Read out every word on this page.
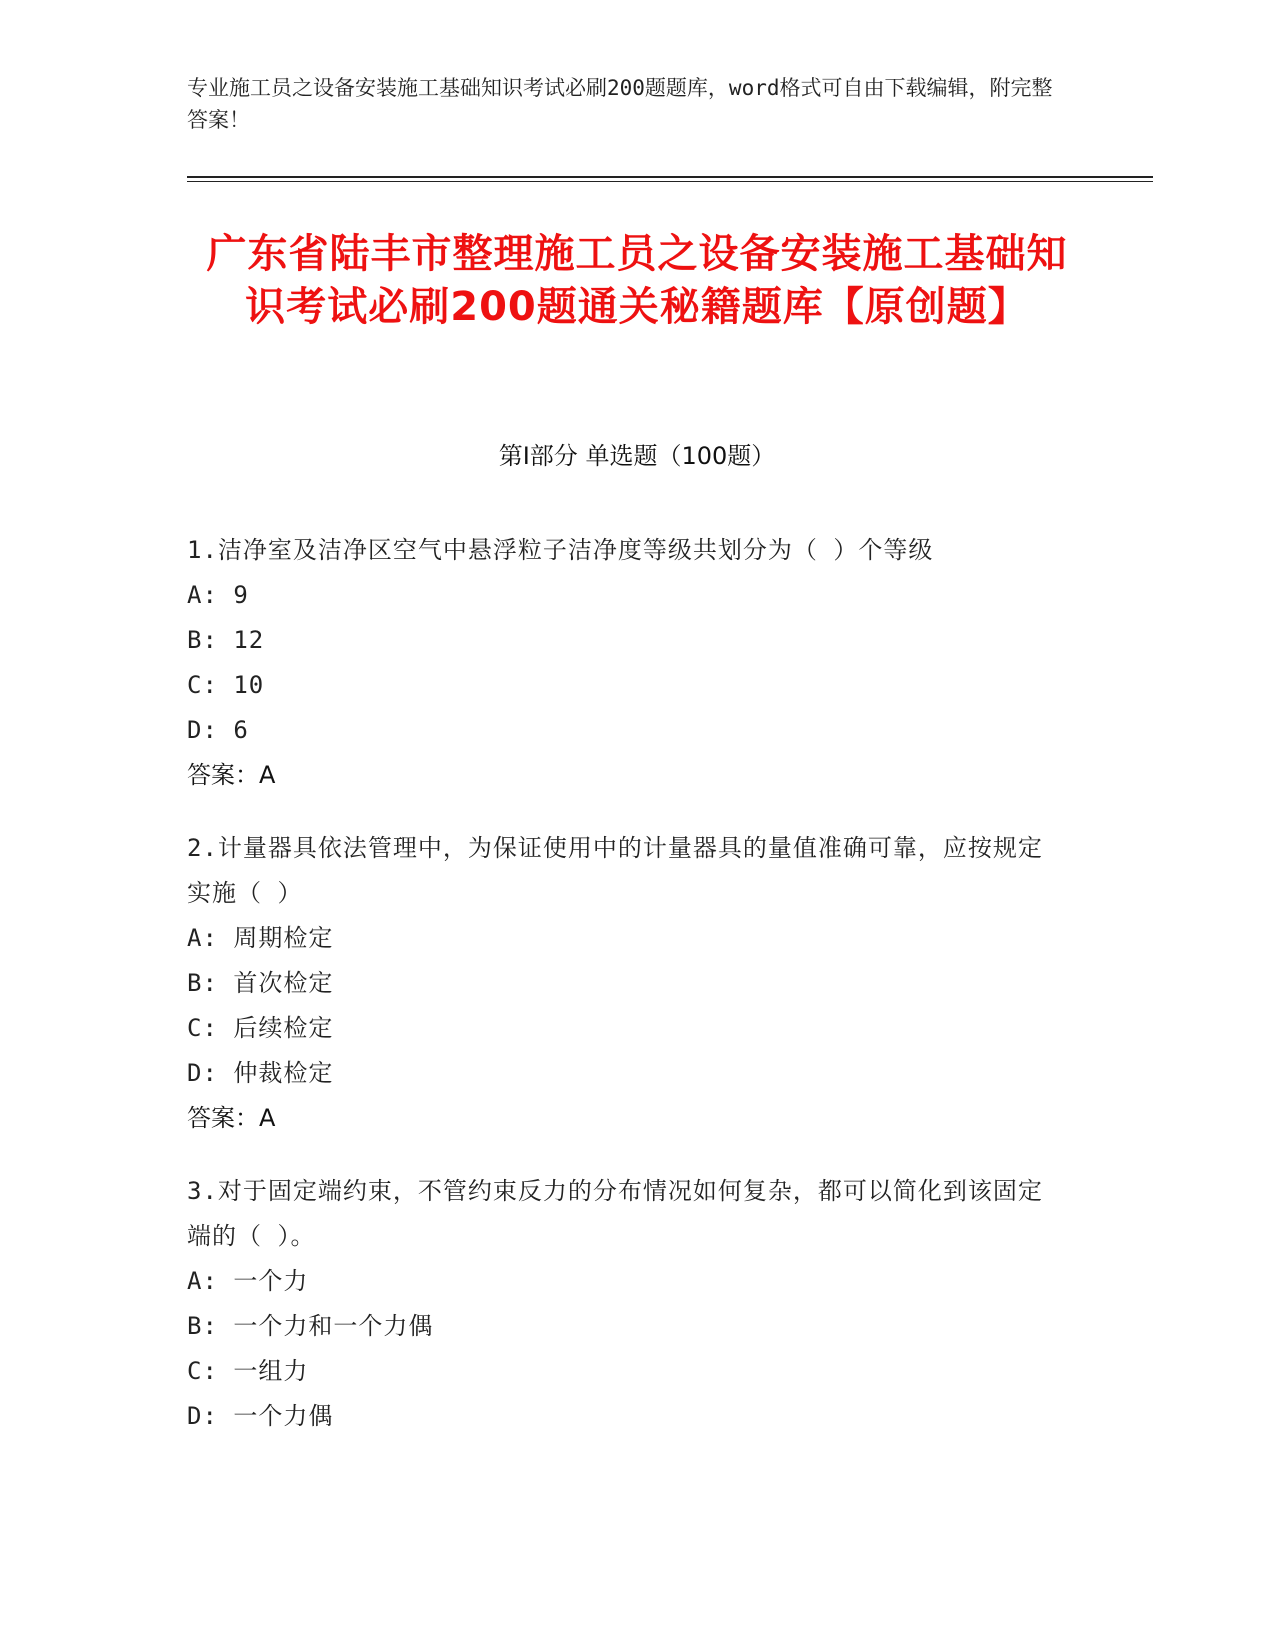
专业施工员之设备安装施工基础知识考试必刷200题题库，word格式可自由下载编辑，附完整答案！
广东省陆丰市整理施工员之设备安装施工基础知识考试必刷200题通关秘籍题库【原创题】
第I部分 单选题（100题）
1.洁净室及洁净区空气中悬浮粒子洁净度等级共划分为（ ）个等级
A: 9
B: 12
C: 10
D: 6
答案：A
2.计量器具依法管理中，为保证使用中的计量器具的量值准确可靠，应按规定实施（ ）
A: 周期检定
B: 首次检定
C: 后续检定
D: 仲裁检定
答案：A
3.对于固定端约束，不管约束反力的分布情况如何复杂，都可以简化到该固定端的（ ）。
A: 一个力
B: 一个力和一个力偶
C: 一组力
D: 一个力偶
